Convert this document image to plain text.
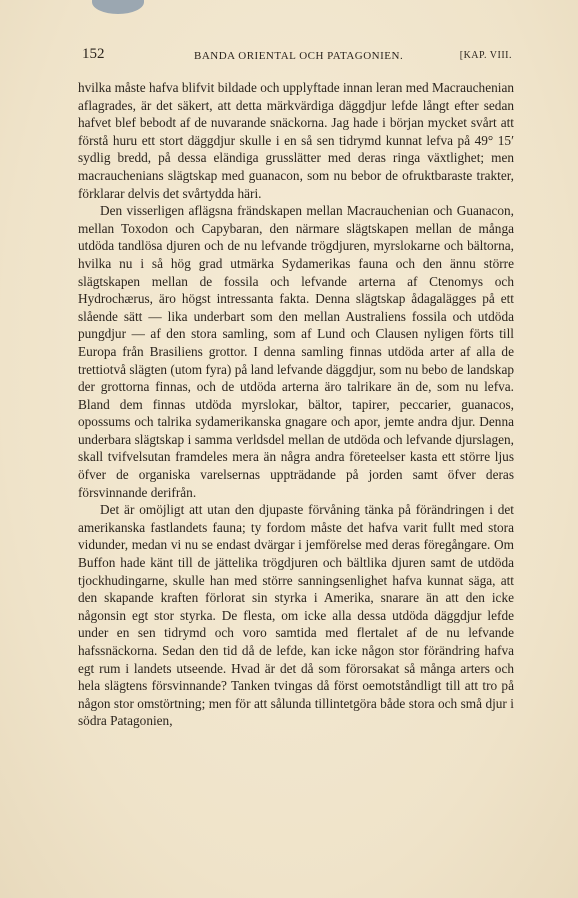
152	BANDA ORIENTAL OCH PATAGONIEN.	[KAP. VIII.

hvilka måste hafva blifvit bildade och upplyftade innan leran med Macrauchenian aflagrades, är det säkert, att detta märkvärdiga däggdjur lefde långt efter sedan hafvet blef bebodt af de nuvarande snäckorna. Jag hade i början mycket svårt att förstå huru ett stort däggdjur skulle i en så sen tidrymd kunnat lefva på 49° 15′ sydlig bredd, på dessa eländiga grusslätter med deras ringa växtlighet; men macrauchenians slägtskap med guanacon, som nu bebor de ofruktbaraste trakter, förklarar delvis det svårtydda häri.

Den visserligen aflägsna frändskapen mellan Macrauchenian och Guanacon, mellan Toxodon och Capybaran, den närmare slägtskapen mellan de många utdöda tandlösa djuren och de nu lefvande trögdjuren, myrslokarne och bältorna, hvilka nu i så hög grad utmärka Sydamerikas fauna och den ännu större slägtskapen mellan de fossila och lefvande arterna af Ctenomys och Hydrochærus, äro högst intressanta fakta. Denna slägtskap ådagalägges på ett slående sätt — lika underbart som den mellan Australiens fossila och utdöda pungdjur — af den stora samling, som af Lund och Clausen nyligen förts till Europa från Brasiliens grottor. I denna samling finnas utdöda arter af alla de trettiotvå slägten (utom fyra) på land lefvande däggdjur, som nu bebo de landskap der grottorna finnas, och de utdöda arterna äro talrikare än de, som nu lefva. Bland dem finnas utdöda myrslokar, bältor, tapirer, peccarier, guanacos, opossums och talrika sydamerikanska gnagare och apor, jemte andra djur. Denna underbara slägtskap i samma verldsdel mellan de utdöda och lefvande djurslagen, skall tvifvelsutan framdeles mera än några andra företeelser kasta ett större ljus öfver de organiska varelsernas uppträdande på jorden samt öfver deras försvinnande derifrån.

Det är omöjligt att utan den djupaste förvåning tänka på förändringen i det amerikanska fastlandets fauna; ty fordom måste det hafva varit fullt med stora vidunder, medan vi nu se endast dvärgar i jemförelse med deras föregångare. Om Buffon hade känt till de jättelika trögdjuren och bältlika djuren samt de utdöda tjockhudingarne, skulle han med större sanningsenlighet hafva kunnat säga, att den skapande kraften förlorat sin styrka i Amerika, snarare än att den icke någonsin egt stor styrka. De flesta, om icke alla dessa utdöda däggdjur lefde under en sen tidrymd och voro samtida med flertalet af de nu lefvande hafssnäckorna. Sedan den tid då de lefde, kan icke någon stor förändring hafva egt rum i landets utseende. Hvad är det då som förorsakat så många arters och hela slägtens försvinnande? Tanken tvingas då först oemotståndligt till att tro på någon stor omstörtning; men för att sålunda tillintetgöra både stora och små djur i södra Patagonien,
